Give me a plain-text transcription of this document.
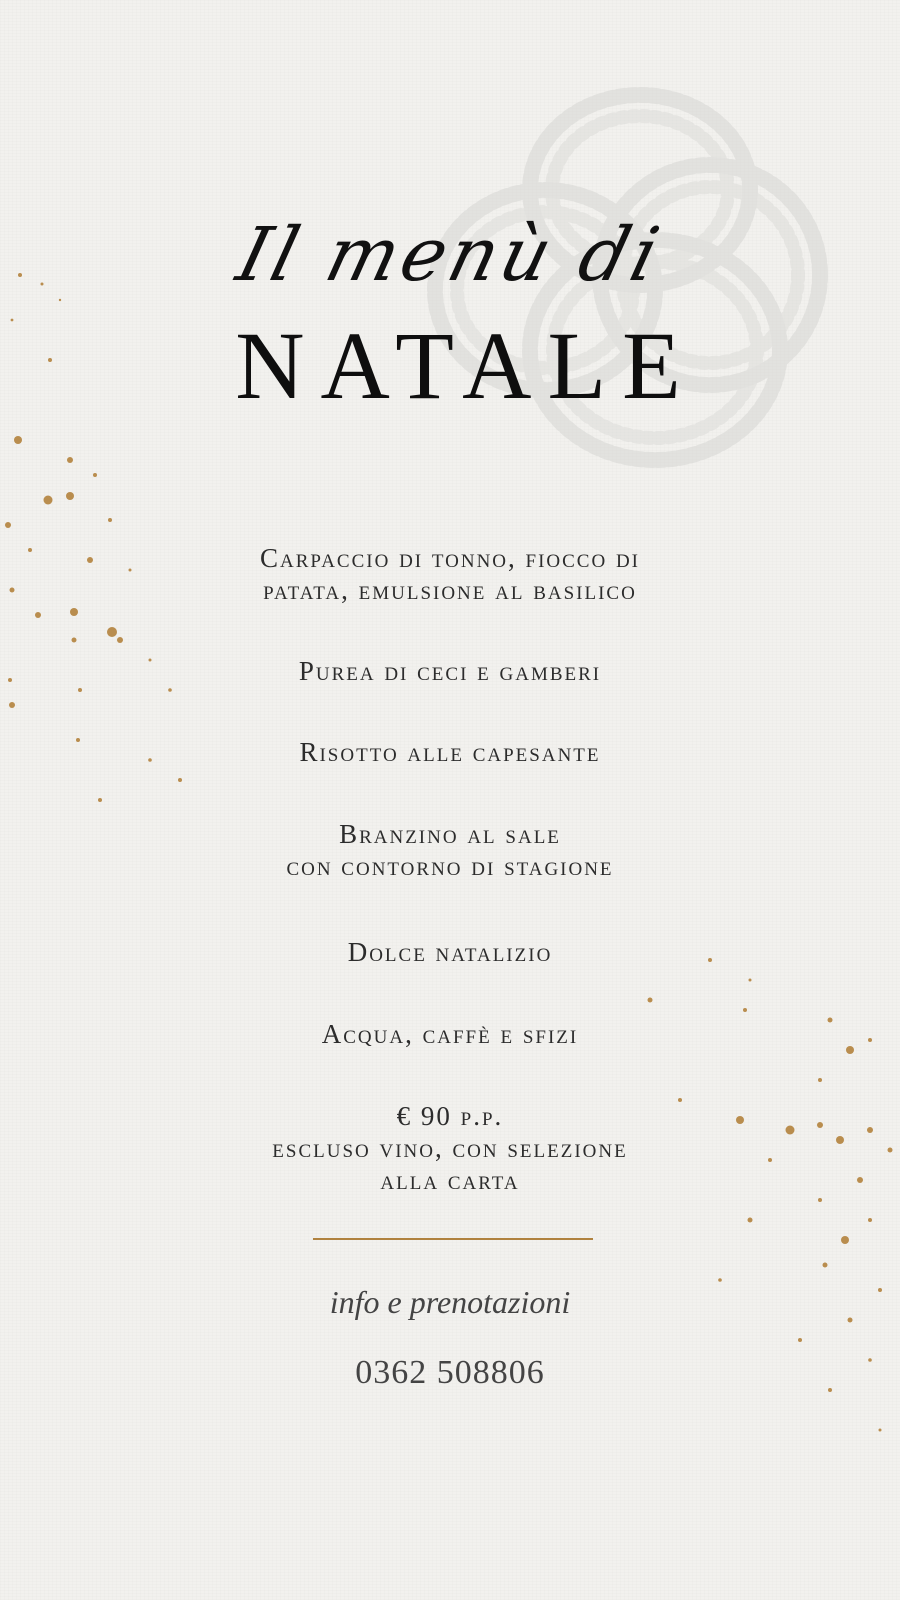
Il menù di
NATALE
Carpaccio di tonno, fiocco di
patata, emulsione al basilico
Purea di ceci e gamberi
Risotto alle capesante
Branzino al sale
con contorno di stagione
Dolce natalizio
Acqua, caffè e sfizi
€ 90 p.p.
escluso vino, con selezione
alla carta
info e prenotazioni
0362 508806
